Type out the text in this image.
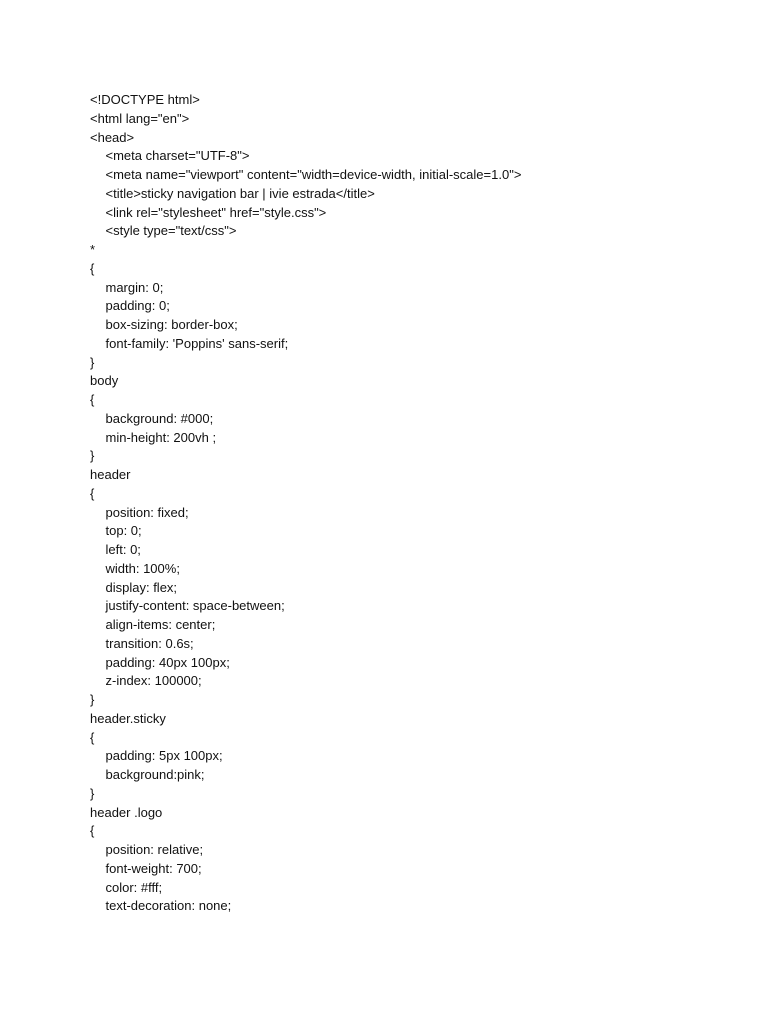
<!DOCTYPE html>
<html lang="en">
<head>
<meta charset="UTF-8">
<meta name="viewport" content="width=device-width, initial-scale=1.0">
<title>sticky navigation bar | ivie estrada</title>
<link rel="stylesheet" href="style.css">
<style type="text/css">
*
{
margin: 0;
padding: 0;
box-sizing: border-box;
font-family: 'Poppins' sans-serif;
}
body
{
background: #000;
min-height: 200vh ;
}
header
{
position: fixed;
top: 0;
left: 0;
width: 100%;
display: flex;
justify-content: space-between;
align-items: center;
transition: 0.6s;
padding: 40px 100px;
z-index: 100000;
}
header.sticky
{
padding: 5px 100px;
background:pink;
}
header .logo
{
position: relative;
font-weight: 700;
color: #fff;
text-decoration: none;
